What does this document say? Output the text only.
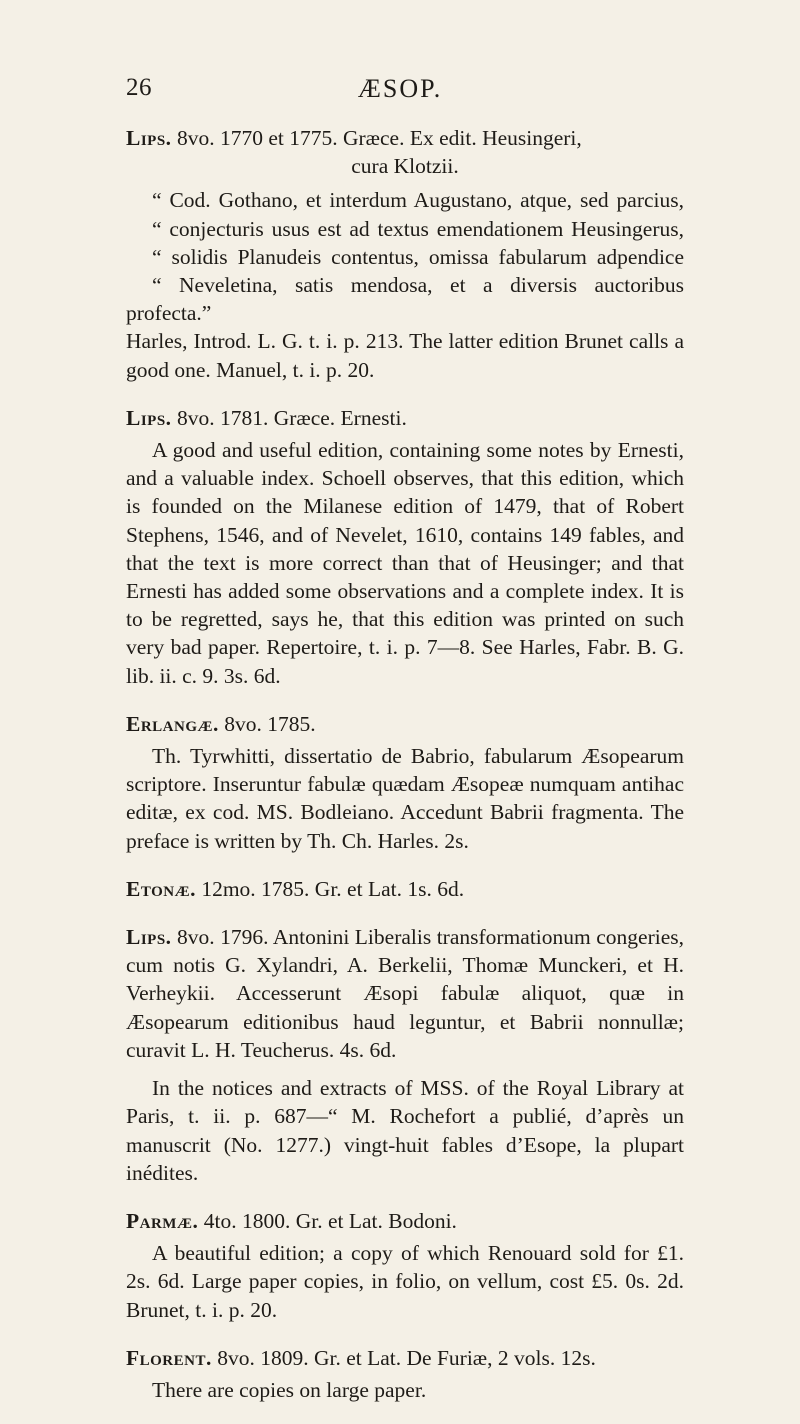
26	ÆSOP.
Lips. 8vo. 1770 et 1775. Græce. Ex edit. Heusingeri,
cura Klotzii.
“ Cod. Gothano, et interdum Augustano, atque, sed parcius,
“ conjecturis usus est ad textus emendationem Heusingerus,
“ solidis Planudeis contentus, omissa fabularum adpendice
“ Neveletina, satis mendosa, et a diversis auctoribus profecta.”
Harles, Introd. L. G. t. i. p. 213. The latter edition Brunet calls a good one. Manuel, t. i. p. 20.
Lips. 8vo. 1781. Græce. Ernesti.
A good and useful edition, containing some notes by Ernesti, and a valuable index. Schoell observes, that this edition, which is founded on the Milanese edition of 1479, that of Robert Stephens, 1546, and of Nevelet, 1610, contains 149 fables, and that the text is more correct than that of Heusinger; and that Ernesti has added some observations and a complete index. It is to be regretted, says he, that this edition was printed on such very bad paper. Repertoire, t. i. p. 7—8. See Harles, Fabr. B. G. lib. ii. c. 9. 3s. 6d.
Erlangæ. 8vo. 1785.
Th. Tyrwhitti, dissertatio de Babrio, fabularum Æsopearum scriptore. Inseruntur fabulæ quædam Æsopeæ numquam antihac editæ, ex cod. MS. Bodleiano. Accedunt Babrii fragmenta. The preface is written by Th. Ch. Harles. 2s.
Etonæ. 12mo. 1785. Gr. et Lat. 1s. 6d.
Lips. 8vo. 1796. Antonini Liberalis transformationum congeries, cum notis G. Xylandri, A. Berkelii, Thomæ Munckeri, et H. Verheykii. Accesserunt Æsopi fabulæ aliquot, quæ in Æsopearum editionibus haud leguntur, et Babrii nonnullæ; curavit L. H. Teucherus. 4s. 6d.
In the notices and extracts of MSS. of the Royal Library at Paris, t. ii. p. 687—“ M. Rochefort a publié, d’après un manuscrit (No. 1277.) vingt-huit fables d’Esope, la plupart inédites.
Parmæ. 4to. 1800. Gr. et Lat. Bodoni.
A beautiful edition; a copy of which Renouard sold for £1. 2s. 6d. Large paper copies, in folio, on vellum, cost £5. 0s. 2d. Brunet, t. i. p. 20.
Florent. 8vo. 1809. Gr. et Lat. De Furiæ, 2 vols. 12s.
There are copies on large paper.
